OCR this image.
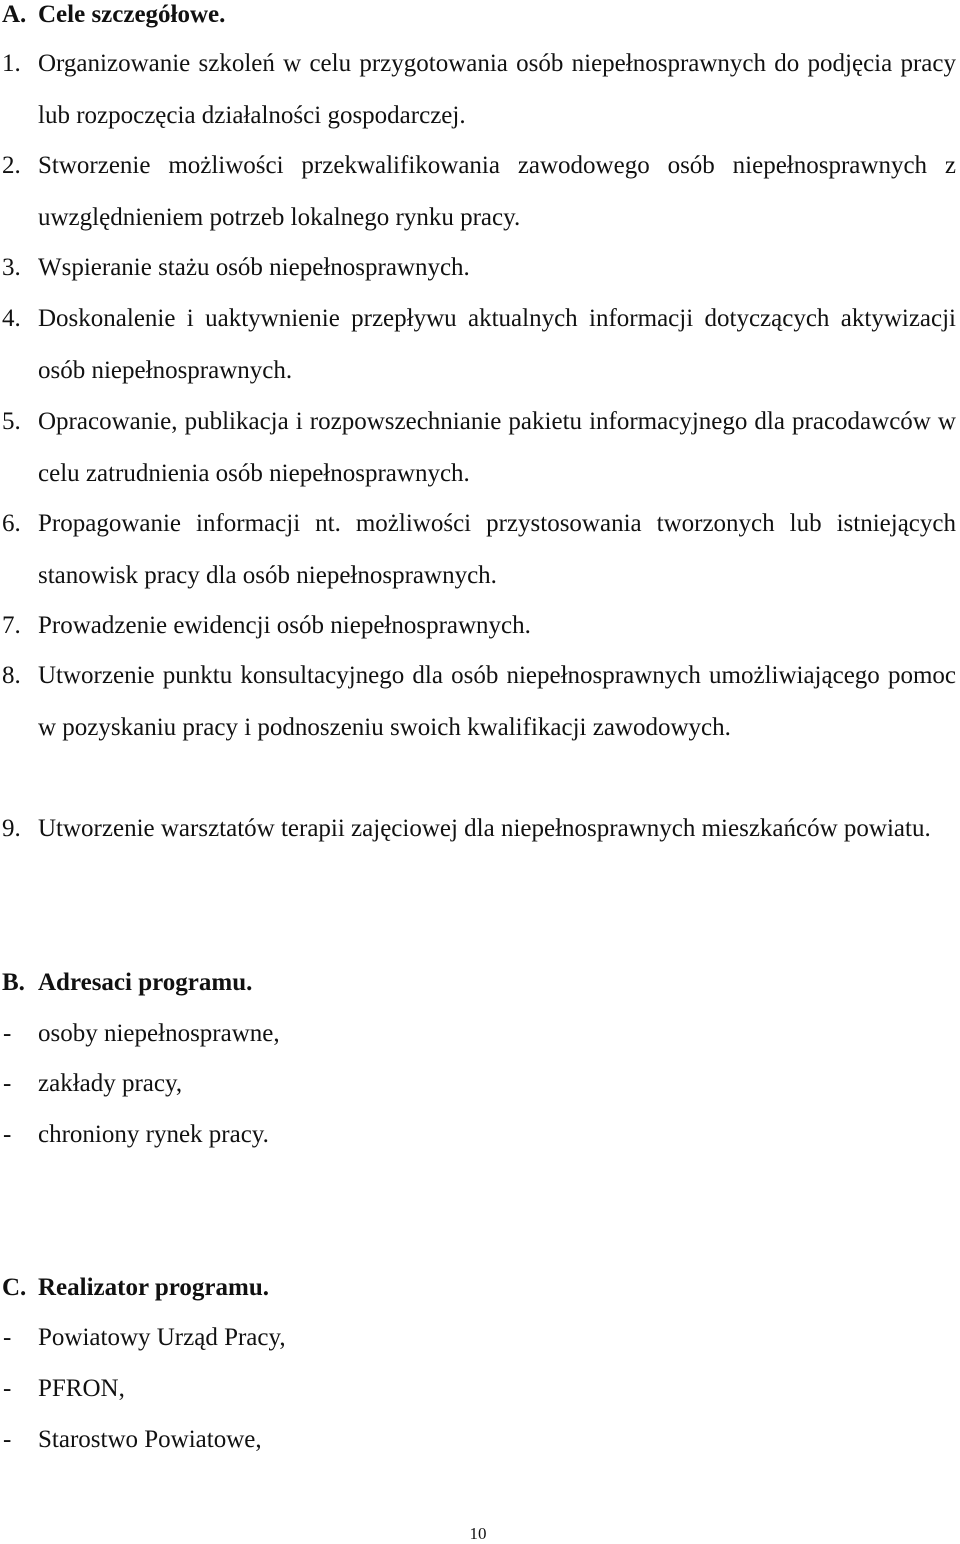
A. Cele szczegółowe.
1. Organizowanie szkoleń w celu przygotowania osób niepełnosprawnych do podjęcia pracy lub rozpoczęcia działalności gospodarczej.
2. Stworzenie możliwości przekwalifikowania zawodowego osób niepełnosprawnych z uwzględnieniem potrzeb lokalnego rynku pracy.
3. Wspieranie stażu osób niepełnosprawnych.
4. Doskonalenie i uaktywnienie przepływu aktualnych informacji dotyczących aktywizacji osób niepełnosprawnych.
5. Opracowanie, publikacja i rozpowszechnianie pakietu informacyjnego dla pracodawców w celu zatrudnienia osób niepełnosprawnych.
6. Propagowanie informacji nt. możliwości przystosowania tworzonych lub istniejących stanowisk pracy dla osób niepełnosprawnych.
7. Prowadzenie ewidencji osób niepełnosprawnych.
8. Utworzenie punktu konsultacyjnego dla osób niepełnosprawnych umożliwiającego pomoc w pozyskaniu pracy i podnoszeniu swoich kwalifikacji zawodowych.
9. Utworzenie warsztatów terapii zajęciowej dla niepełnosprawnych mieszkańców powiatu.
B. Adresaci programu.
- osoby niepełnosprawne,
- zakłady pracy,
- chroniony rynek pracy.
C. Realizator programu.
- Powiatowy Urząd Pracy,
- PFRON,
- Starostwo Powiatowe,
10
